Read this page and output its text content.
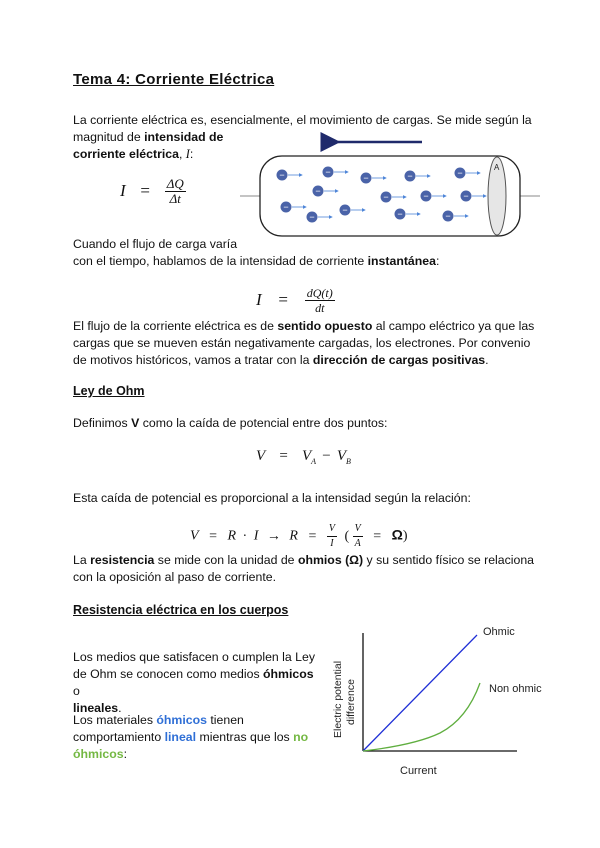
Tema 4: Corriente Eléctrica
La corriente eléctrica es, esencialmente, el movimiento de cargas. Se mide según la
magnitud de intensidad de
corriente eléctrica, I:
$I = \frac{\Delta Q}{\Delta t}$
A
−	−
−	−	−
−
−	−	−
−	−
−	−	−
Cuando el flujo de carga varía
con el tiempo, hablamos de la intensidad de corriente instantánea:
$I = \frac{dQ(t)}{dt}$
El flujo de la corriente eléctrica es de sentido opuesto al campo eléctrico ya que las
cargas que se mueven están negativamente cargadas, los electrones. Por convenio
de motivos históricos, vamos a tratar con la dirección de cargas positivas.
Ley de Ohm
Definimos V como la caída de potencial entre dos puntos:
$V = V_A - V_B$
Esta caída de potencial es proporcional a la intensidad según la relación:
$V = R \cdot I \to R = \frac{V}{I}$ ( $\frac{V}{A} = \Omega$)
La resistencia se mide con la unidad de ohmios (Ω) y su sentido físico se relaciona
con la oposición al paso de corriente.
Resistencia eléctrica en los cuerpos
Los medios que satisfacen o cumplen la Ley
de Ohm se conocen como medios óhmicos o
lineales.
Los materiales óhmicos tienen
comportamiento lineal mientras que los no
óhmicos:
Ohmic
Non ohmic
Current
Electric potential difference
